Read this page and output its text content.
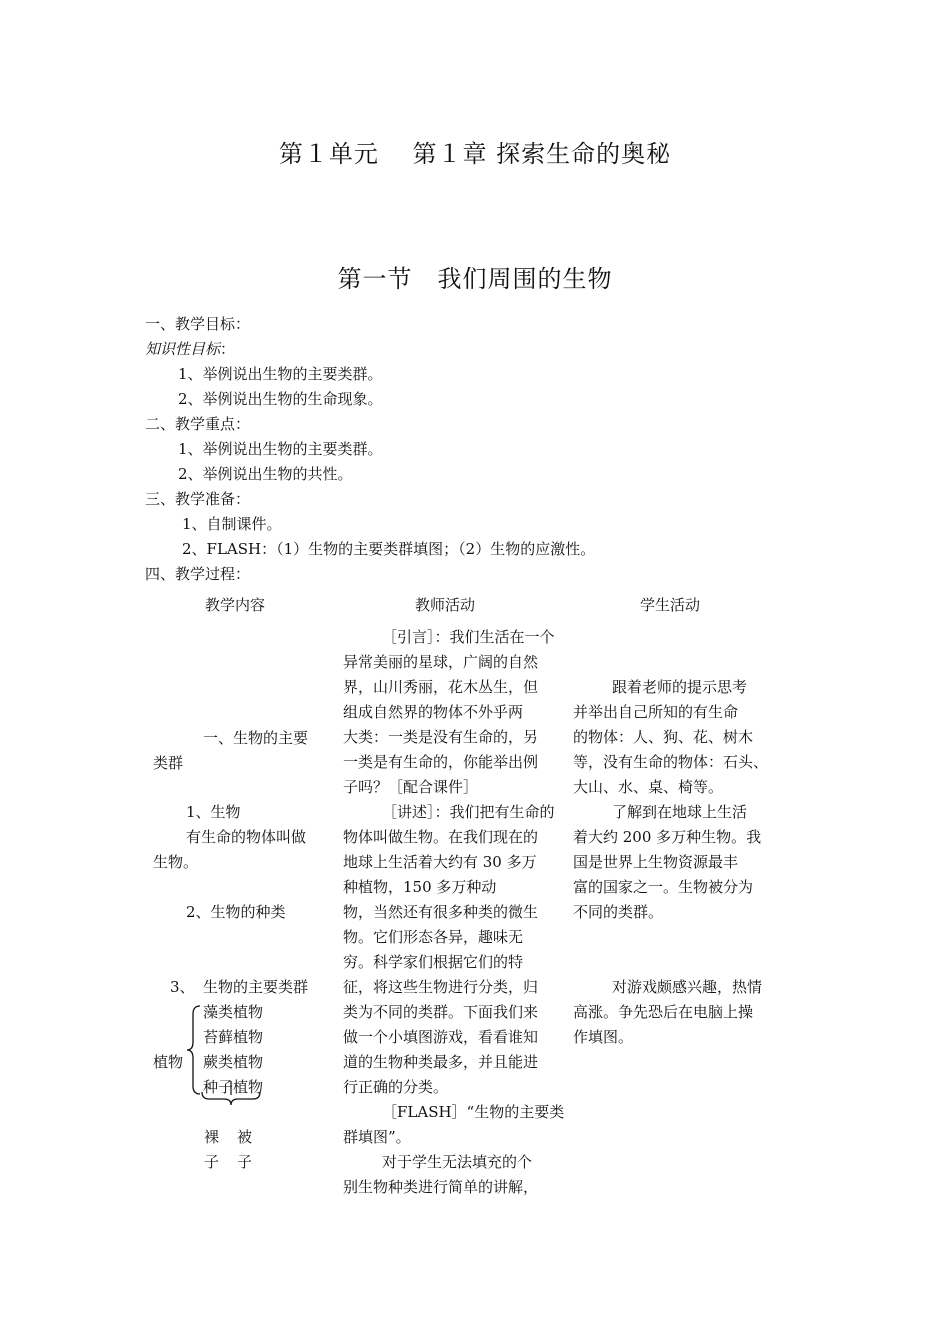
第１单元　 第１章 探索生命的奥秘
第一节　我们周围的生物
一、教学目标：
知识性目标：
1、举例说出生物的主要类群。
2、举例说出生物的生命现象。
二、教学重点：
1、举例说出生物的主要类群。
2、举例说出生物的共性。
三、教学准备：
1、自制课件。
2、FLASH：（1）生物的主要类群填图；（2）生物的应激性。
四、教学过程：
教学内容	教师活动	学生活动
一、生物的主要
类群
1、生物
有生命的物体叫做
生物。
2、生物的种类
3、 生物的主要类群
植物
藻类植物
苔藓植物
蕨类植物
种子植物
裸
子
被
子

［引言］：我们生活在一个

异常美丽的星球，广阔的自然

界，山川秀丽，花木丛生，但

组成自然界的物体不外乎两

大类：一类是没有生命的，另

一类是有生命的，你能举出例

子吗？［配合课件］

［讲述］：我们把有生命的

物体叫做生物。在我们现在的

地球上生活着大约有 30 多万

种植物，150 多万种动

物，当然还有很多种类的微生

物。它们形态各异，趣味无

穷。科学家们根据它们的特

征，将这些生物进行分类，归

类为不同的类群。下面我们来

做一个小填图游戏，看看谁知

道的生物种类最多，并且能进

行正确的分类。

［FLASH］“生物的主要类

群填图”。

对于学生无法填充的个

别生物种类进行简单的讲解，

跟着老师的提示思考

并举出自己所知的有生命

的物体：人、狗、花、树木

等，没有生命的物体：石头、

大山、水、桌、椅等。

了解到在地球上生活

着大约 200 多万种生物。我

国是世界上生物资源最丰

富的国家之一。生物被分为

不同的类群。

对游戏颇感兴趣，热情

高涨。争先恐后在电脑上操

作填图。
